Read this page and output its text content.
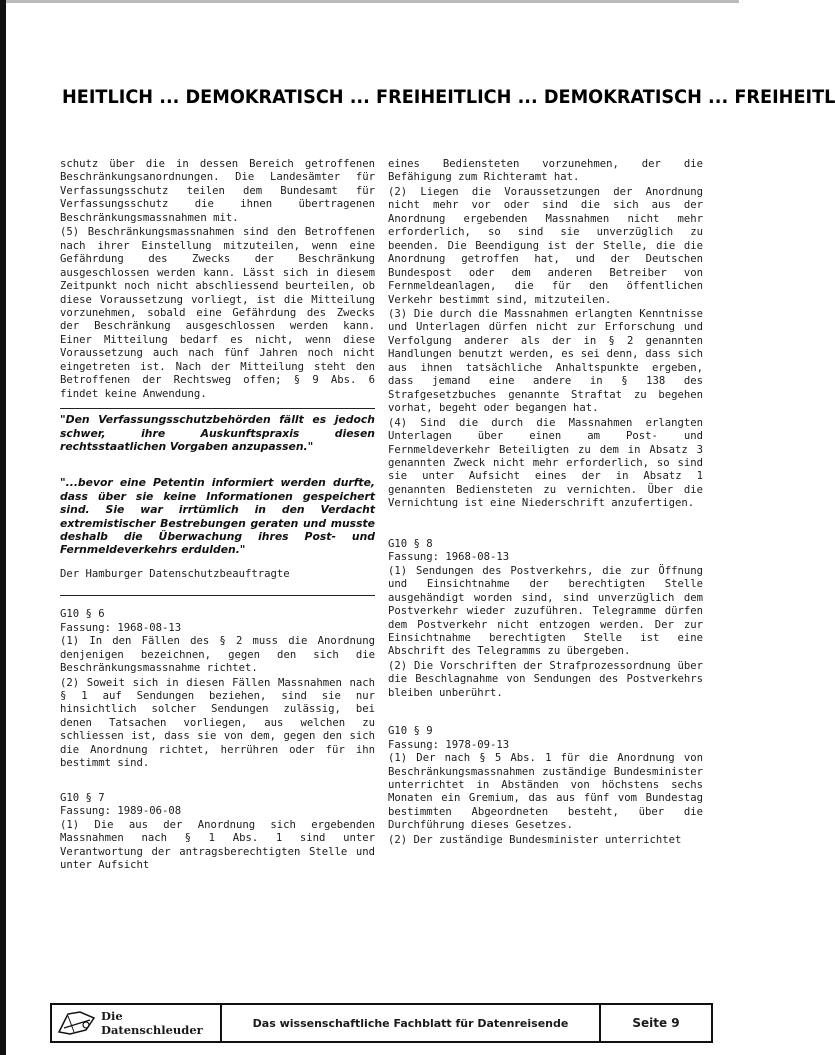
HEITLICH ... DEMOKRATISCH ... FREIHEITLICH ... DEMOKRATISCH ... FREIHEITL

schutz über die in dessen Bereich getroffenen Beschränkungsanordnungen. Die Landesämter für Verfassungsschutz teilen dem Bundesamt für Verfassungsschutz die ihnen übertragenen Beschränkungsmassnahmen mit.

(5) Beschränkungsmassnahmen sind den Betroffenen nach ihrer Einstellung mitzuteilen, wenn eine Gefährdung des Zwecks der Beschränkung ausgeschlossen werden kann. Lässt sich in diesem Zeitpunkt noch nicht abschliessend beurteilen, ob diese Voraussetzung vorliegt, ist die Mitteilung vorzunehmen, sobald eine Gefährdung des Zwecks der Beschränkung ausgeschlossen werden kann. Einer Mitteilung bedarf es nicht, wenn diese Voraussetzung auch nach fünf Jahren noch nicht eingetreten ist. Nach der Mitteilung steht den Betroffenen der Rechtsweg offen; § 9 Abs. 6 findet keine Anwendung.

"Den Verfassungsschutzbehörden fällt es jedoch schwer, ihre Auskunftspraxis diesen rechtsstaatlichen Vorgaben anzupassen."

"...bevor eine Petentin informiert werden durfte, dass über sie keine Informationen gespeichert sind. Sie war irrtümlich in den Verdacht extremistischer Bestrebungen geraten und musste deshalb die Überwachung ihres Post- und Fernmeldeverkehrs erdulden."

Der Hamburger Datenschutzbeauftragte

G10 § 6

Fassung: 1968-08-13

(1) In den Fällen des § 2 muss die Anordnung denjenigen bezeichnen, gegen den sich die Beschränkungsmassnahme richtet.

(2) Soweit sich in diesen Fällen Massnahmen nach § 1 auf Sendungen beziehen, sind sie nur hinsichtlich solcher Sendungen zulässig, bei denen Tatsachen vorliegen, aus welchen zu schliessen ist, dass sie von dem, gegen den sich die Anordnung richtet, herrühren oder für ihn bestimmt sind.

G10 § 7

Fassung: 1989-06-08

(1) Die aus der Anordnung sich ergebenden Massnahmen nach § 1 Abs. 1 sind unter Verantwortung der antragsberechtigten Stelle und unter Aufsicht

eines Bediensteten vorzunehmen, der die Befähigung zum Richteramt hat.

(2) Liegen die Voraussetzungen der Anordnung nicht mehr vor oder sind die sich aus der Anordnung ergebenden Massnahmen nicht mehr erforderlich, so sind sie unverzüglich zu beenden. Die Beendigung ist der Stelle, die die Anordnung getroffen hat, und der Deutschen Bundespost oder dem anderen Betreiber von Fernmeldeanlagen, die für den öffentlichen Verkehr bestimmt sind, mitzuteilen.

(3) Die durch die Massnahmen erlangten Kenntnisse und Unterlagen dürfen nicht zur Erforschung und Verfolgung anderer als der in § 2 genannten Handlungen benutzt werden, es sei denn, dass sich aus ihnen tatsächliche Anhaltspunkte ergeben, dass jemand eine andere in § 138 des Strafgesetzbuches genannte Straftat zu begehen vorhat, begeht oder begangen hat.

(4) Sind die durch die Massnahmen erlangten Unterlagen über einen am Post- und Fernmeldeverkehr Beteiligten zu dem in Absatz 3 genannten Zweck nicht mehr erforderlich, so sind sie unter Aufsicht eines der in Absatz 1 genannten Bediensteten zu vernichten. Über die Vernichtung ist eine Niederschrift anzufertigen.

G10 § 8

Fassung: 1968-08-13

(1) Sendungen des Postverkehrs, die zur Öffnung und Einsichtnahme der berechtigten Stelle ausgehändigt worden sind, sind unverzüglich dem Postverkehr wieder zuzuführen. Telegramme dürfen dem Postverkehr nicht entzogen werden. Der zur Einsichtnahme berechtigten Stelle ist eine Abschrift des Telegramms zu übergeben.

(2) Die Vorschriften der Strafprozessordnung über die Beschlagnahme von Sendungen des Postverkehrs bleiben unberührt.

G10 § 9

Fassung: 1978-09-13

(1) Der nach § 5 Abs. 1 für die Anordnung von Beschränkungsmassnahmen zuständige Bundesminister unterrichtet in Abständen von höchstens sechs Monaten ein Gremium, das aus fünf vom Bundestag bestimmten Abgeordneten besteht, über die Durchführung dieses Gesetzes.

(2) Der zuständige Bundesminister unterrichtet

Die Datenschleuder	Das wissenschaftliche Fachblatt für Datenreisende	Seite 9
